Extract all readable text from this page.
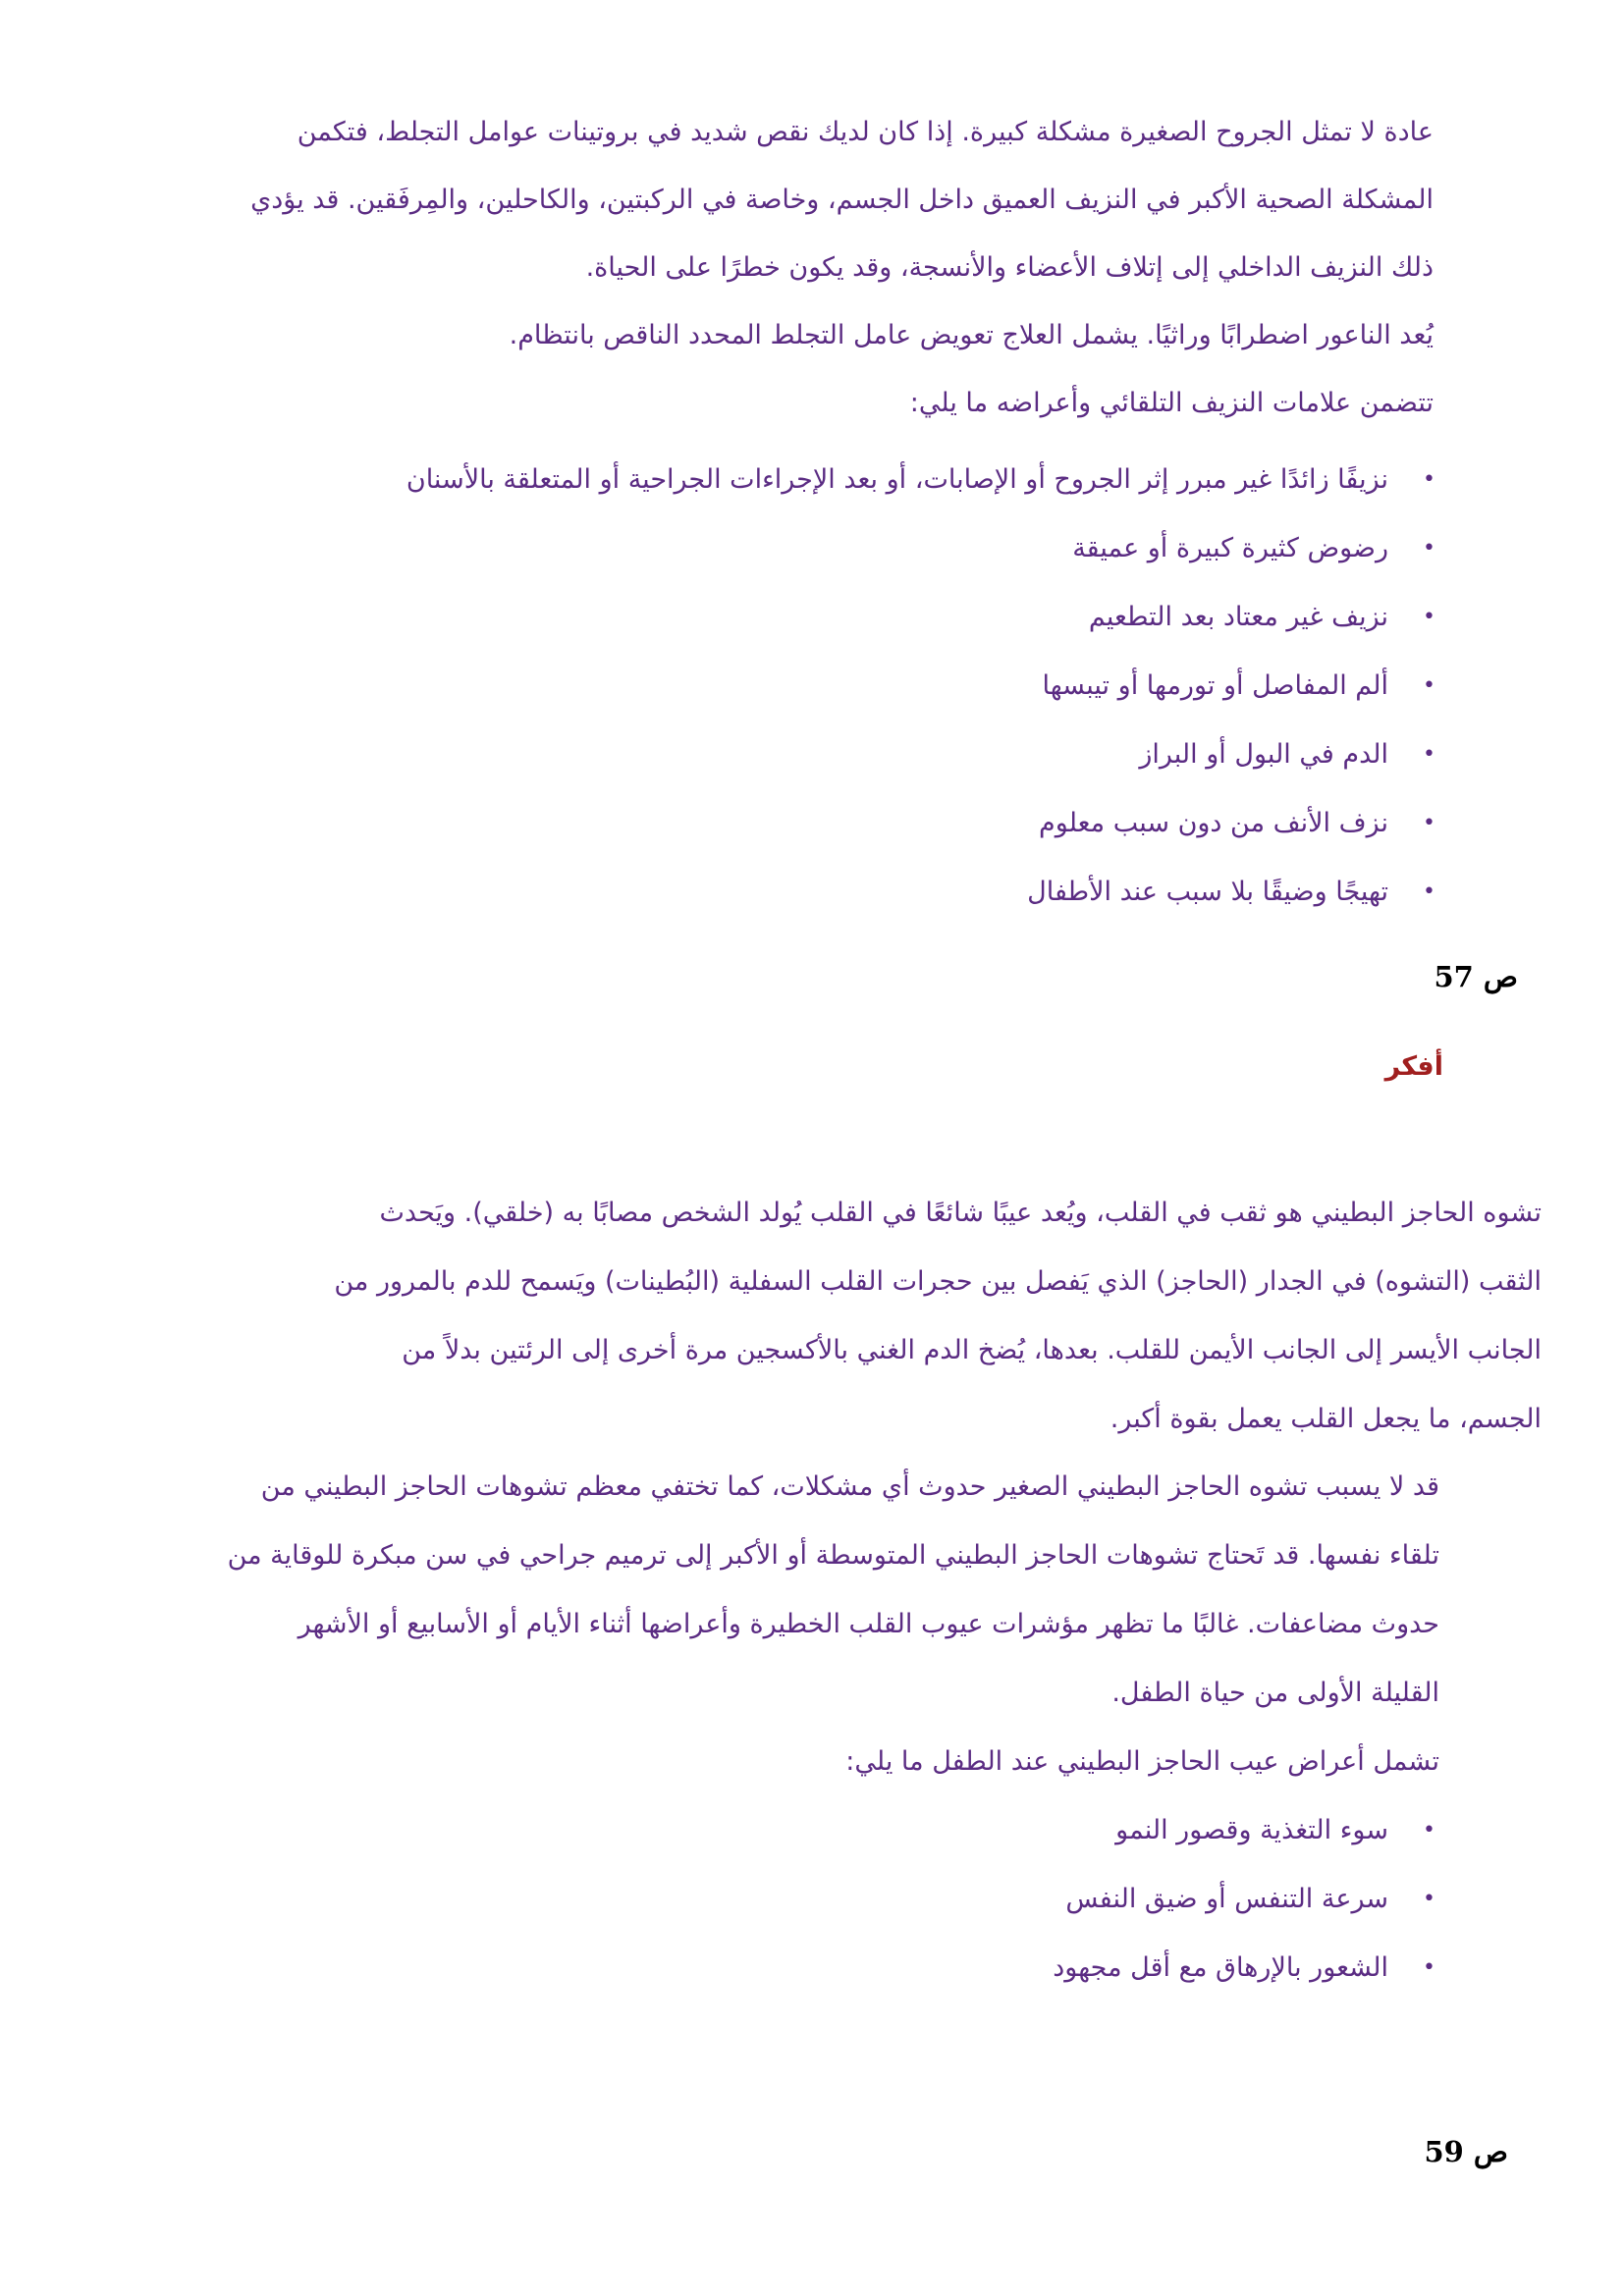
عادة لا تمثل الجروح الصغيرة مشكلة كبيرة. إذا كان لديك نقص شديد في بروتينات عوامل التجلط، فتكمن

المشكلة الصحية الأكبر في النزيف العميق داخل الجسم، وخاصة في الركبتين، والكاحلين، والمِرفَقين. قد يؤدي

ذلك النزيف الداخلي إلى إتلاف الأعضاء والأنسجة، وقد يكون خطرًا على الحياة.

يُعد الناعور اضطرابًا وراثيًا. يشمل العلاج تعويض عامل التجلط المحدد الناقص بانتظام.

تتضمن علامات النزيف التلقائي وأعراضه ما يلي:

•
نزيفًا زائدًا غير مبرر إثر الجروح أو الإصابات، أو بعد الإجراءات الجراحية أو المتعلقة بالأسنان
•
رضوض كثيرة كبيرة أو عميقة
•
نزيف غير معتاد بعد التطعيم
•
ألم المفاصل أو تورمها أو تيبسها
•
الدم في البول أو البراز
•
نزف الأنف من دون سبب معلوم
•
تهيجًا وضيقًا بلا سبب عند الأطفال
ص 57
أفكر

تشوه الحاجز البطيني هو ثقب في القلب، ويُعد عيبًا شائعًا في القلب يُولد الشخص مصابًا به (خلقي). ويَحدث

الثقب (التشوه) في الجدار (الحاجز) الذي يَفصل بين حجرات القلب السفلية (البُطينات) ويَسمح للدم بالمرور من

الجانب الأيسر إلى الجانب الأيمن للقلب. بعدها، يُضخ الدم الغني بالأكسجين مرة أخرى إلى الرئتين بدلاً من

الجسم، ما يجعل القلب يعمل بقوة أكبر.

قد لا يسبب تشوه الحاجز البطيني الصغير حدوث أي مشكلات، كما تختفي معظم تشوهات الحاجز البطيني من

تلقاء نفسها. قد تَحتاج تشوهات الحاجز البطيني المتوسطة أو الأكبر إلى ترميم جراحي في سن مبكرة للوقاية من

حدوث مضاعفات. غالبًا ما تظهر مؤشرات عيوب القلب الخطيرة وأعراضها أثناء الأيام أو الأسابيع أو الأشهر

القليلة الأولى من حياة الطفل.

تشمل أعراض عيب الحاجز البطيني عند الطفل ما يلي:

•
سوء التغذية وقصور النمو
•
سرعة التنفس أو ضيق النفس
•
الشعور بالإرهاق مع أقل مجهود
ص 59
